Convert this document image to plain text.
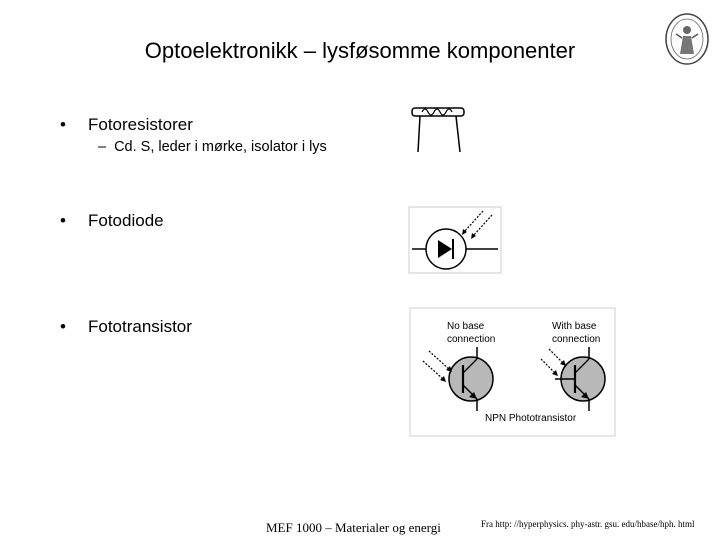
Optoelektronikk – lysføsomme komponenter
• Fotoresistorer
– Cd. S, leder i mørke, isolator i lys
• Fotodiode
• Fototransistor	No base
connection
With base
connection
NPN Phototransistor
MEF 1000 – Materialer og energi	Fra http: //hyperphysics. phy-astr. gsu. edu/hbase/hph. html
